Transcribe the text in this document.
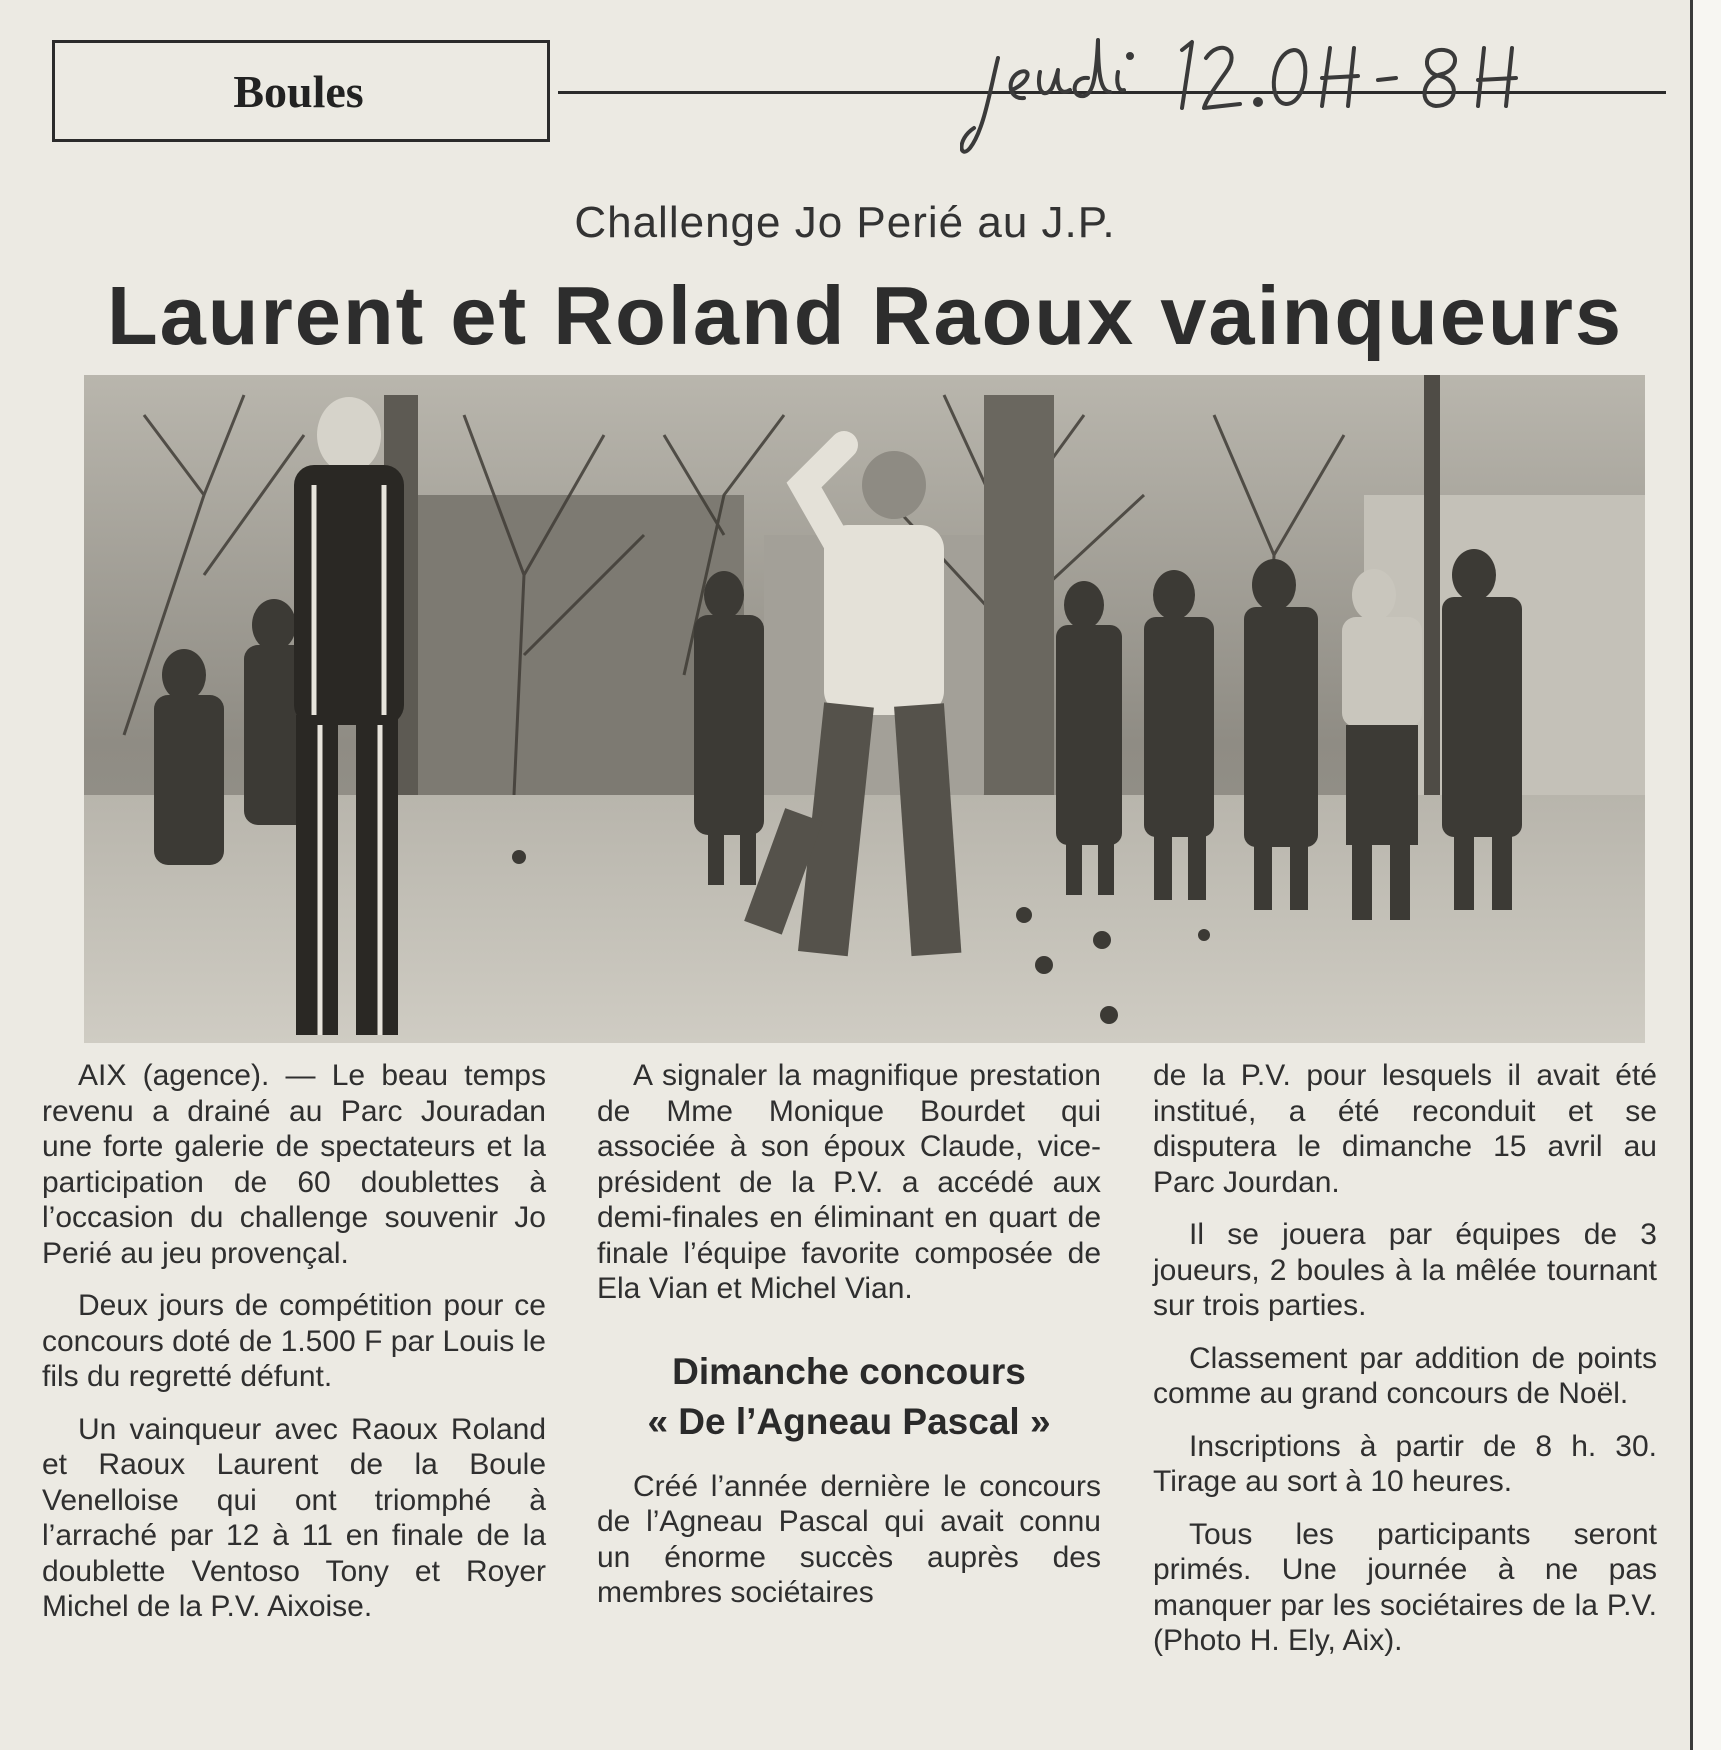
Boules
Challenge Jo Perié au J.P.
Laurent et Roland Raoux vainqueurs

AIX (agence). — Le beau temps revenu a drainé au Parc Jouradan une forte galerie de spectateurs et la participation de 60 doublettes à l’occasion du challenge souvenir Jo Perié au jeu provençal.

Deux jours de compétition pour ce concours doté de 1.500 F par Louis le fils du regretté défunt.

Un vainqueur avec Raoux Roland et Raoux Laurent de la Boule Venelloise qui ont triomphé à l’arraché par 12 à 11 en finale de la doublette Ventoso Tony et Royer Michel de la P.V. Aixoise.

A signaler la magnifique prestation de Mme Monique Bourdet qui associée à son époux Claude, vice-président de la P.V. a accédé aux demi-finales en éliminant en quart de finale l’équipe favorite composée de Ela Vian et Michel Vian.

Dimanche concours
« De l’Agneau Pascal »

Créé l’année dernière le concours de l’Agneau Pascal qui avait connu un énorme succès auprès des membres sociétaires

de la P.V. pour lesquels il avait été institué, a été reconduit et se disputera le dimanche 15 avril au Parc Jourdan.

Il se jouera par équipes de 3 joueurs, 2 boules à la mêlée tournant sur trois parties.

Classement par addition de points comme au grand concours de Noël.

Inscriptions à partir de 8 h. 30. Tirage au sort à 10 heures.

Tous les participants seront primés. Une journée à ne pas manquer par les sociétaires de la P.V. (Photo H. Ely, Aix).
